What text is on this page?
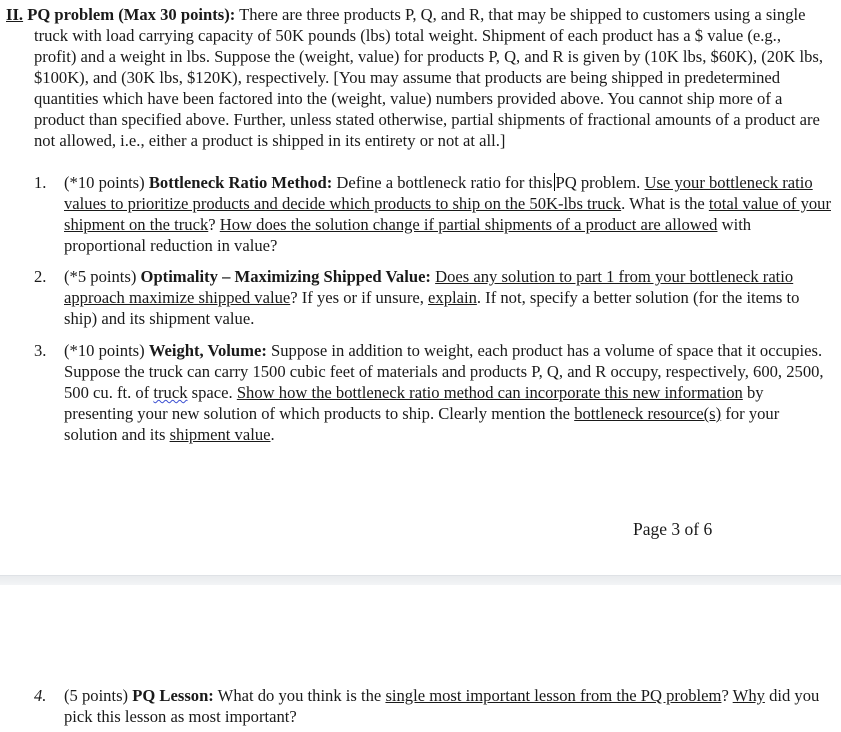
II. PQ problem (Max 30 points): There are three products P, Q, and R, that may be shipped to customers using a single truck with load carrying capacity of 50K pounds (lbs) total weight. Shipment of each product has a $ value (e.g., profit) and a weight in lbs. Suppose the (weight, value) for products P, Q, and R is given by (10K lbs, $60K), (20K lbs, $100K), and (30K lbs, $120K), respectively. [You may assume that products are being shipped in predetermined quantities which have been factored into the (weight, value) numbers provided above. You cannot ship more of a product than specified above. Further, unless stated otherwise, partial shipments of fractional amounts of a product are not allowed, i.e., either a product is shipped in its entirety or not at all.]
1.	(*10 points) Bottleneck Ratio Method: Define a bottleneck ratio for this PQ problem. Use your bottleneck ratio values to prioritize products and decide which products to ship on the 50K-lbs truck. What is the total value of your shipment on the truck? How does the solution change if partial shipments of a product are allowed with proportional reduction in value?
2.	(*5 points) Optimality – Maximizing Shipped Value: Does any solution to part 1 from your bottleneck ratio approach maximize shipped value? If yes or if unsure, explain. If not, specify a better solution (for the items to ship) and its shipment value.
3.	(*10 points) Weight, Volume: Suppose in addition to weight, each product has a volume of space that it occupies. Suppose the truck can carry 1500 cubic feet of materials and products P, Q, and R occupy, respectively, 600, 2500, 500 cu. ft. of truck space. Show how the bottleneck ratio method can incorporate this new information by presenting your new solution of which products to ship. Clearly mention the bottleneck resource(s) for your solution and its shipment value.
Page 3 of 6
4.	(5 points) PQ Lesson: What do you think is the single most important lesson from the PQ problem? Why did you pick this lesson as most important?
